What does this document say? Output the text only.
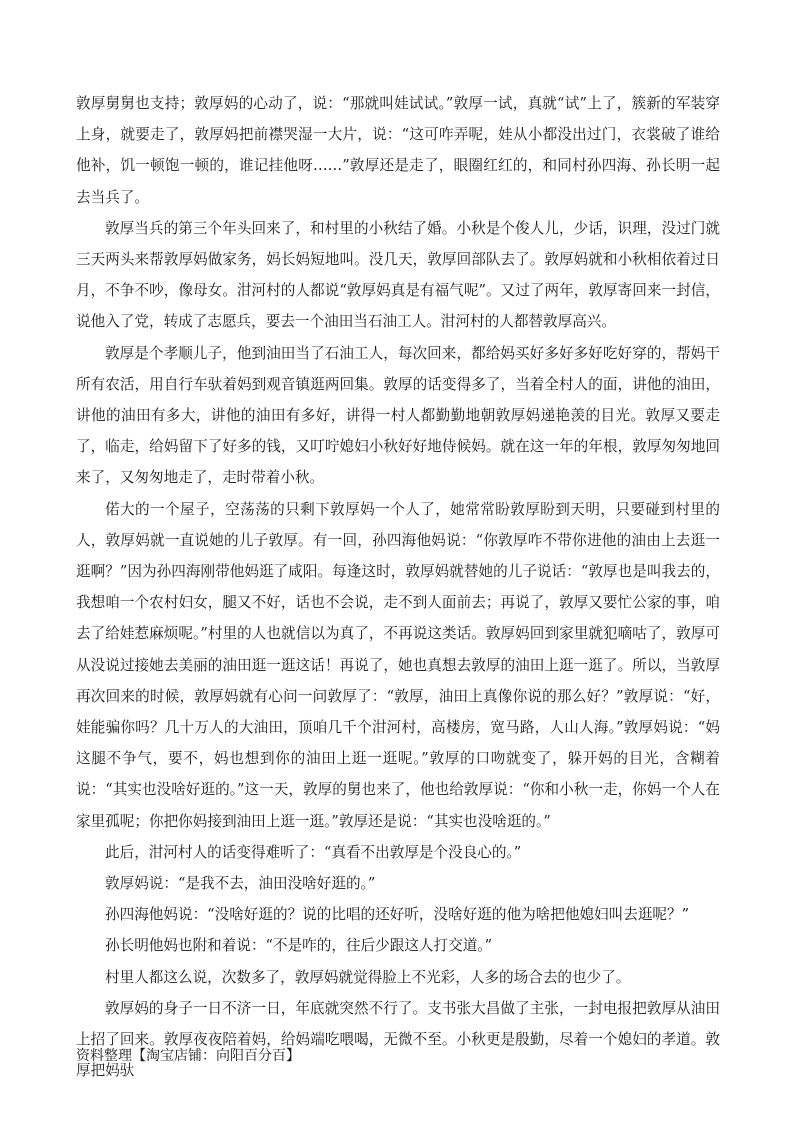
敦厚舅舅也支持；敦厚妈的心动了，说：“那就叫娃试试。”敦厚一试，真就“试”上了，簇新的军装穿上身，就要走了，敦厚妈把前襟哭湿一大片，说：“这可咋弄呢，娃从小都没出过门，衣裳破了谁给他补，饥一顿饱一顿的，谁记挂他呀……”敦厚还是走了，眼圈红红的，和同村孙四海、孙长明一起去当兵了。

敦厚当兵的第三个年头回来了，和村里的小秋结了婚。小秋是个俊人儿，少话，识理，没过门就三天两头来帮敦厚妈做家务，妈长妈短地叫。没几天，敦厚回部队去了。敦厚妈就和小秋相依着过日月，不争不吵，像母女。泔河村的人都说“敦厚妈真是有福气呢”。又过了两年，敦厚寄回来一封信，说他入了党，转成了志愿兵，要去一个油田当石油工人。泔河村的人都替敦厚高兴。

敦厚是个孝顺儿子，他到油田当了石油工人，每次回来，都给妈买好多好多好吃好穿的，帮妈干所有农活，用自行车驮着妈到观音镇逛两回集。敦厚的话变得多了，当着全村人的面，讲他的油田，讲他的油田有多大，讲他的油田有多好，讲得一村人都勤勤地朝敦厚妈递艳羡的目光。敦厚又要走了，临走，给妈留下了好多的钱，又叮咛媳妇小秋好好地侍候妈。就在这一年的年根，敦厚匆匆地回来了，又匆匆地走了，走时带着小秋。

偌大的一个屋子，空荡荡的只剩下敦厚妈一个人了，她常常盼敦厚盼到天明，只要碰到村里的人，敦厚妈就一直说她的儿子敦厚。有一回，孙四海他妈说：“你敦厚咋不带你进他的油由上去逛一逛啊？”因为孙四海刚带他妈逛了咸阳。每逢这时，敦厚妈就替她的儿子说话：“敦厚也是叫我去的，我想咱一个农村妇女，腿又不好，话也不会说，走不到人面前去；再说了，敦厚又要忙公家的事，咱去了给娃惹麻烦呢。”村里的人也就信以为真了，不再说这类话。敦厚妈回到家里就犯嘀咕了，敦厚可从没说过接她去美丽的油田逛一逛这话！再说了，她也真想去敦厚的油田上逛一逛了。所以，当敦厚再次回来的时候，敦厚妈就有心问一问敦厚了：“敦厚，油田上真像你说的那么好？”敦厚说：“好，娃能骗你吗？几十万人的大油田，顶咱几千个泔河村，高楼房，宽马路，人山人海。”敦厚妈说：“妈这腿不争气，要不，妈也想到你的油田上逛一逛呢。”敦厚的口吻就变了，躲开妈的目光，含糊着说：“其实也没啥好逛的。”这一天，敦厚的舅也来了，他也给敦厚说：“你和小秋一走，你妈一个人在家里孤呢；你把你妈接到油田上逛一逛。”敦厚还是说：“其实也没啥逛的。”

此后，泔河村人的话变得难听了：“真看不出敦厚是个没良心的。”

敦厚妈说：“是我不去，油田没啥好逛的。”

孙四海他妈说：“没啥好逛的？说的比唱的还好听，没啥好逛的他为啥把他媳妇叫去逛呢？”

孙长明他妈也附和着说：“不是咋的，往后少跟这人打交道。”

村里人都这么说，次数多了，敦厚妈就觉得脸上不光彩，人多的场合去的也少了。

敦厚妈的身子一日不济一日，年底就突然不行了。支书张大昌做了主张，一封电报把敦厚从油田上招了回来。敦厚夜夜陪着妈，给妈端吃喂喝，无微不至。小秋更是殷勤，尽着一个媳妇的孝道。敦厚把妈驮

资料整理【淘宝店铺：向阳百分百】
